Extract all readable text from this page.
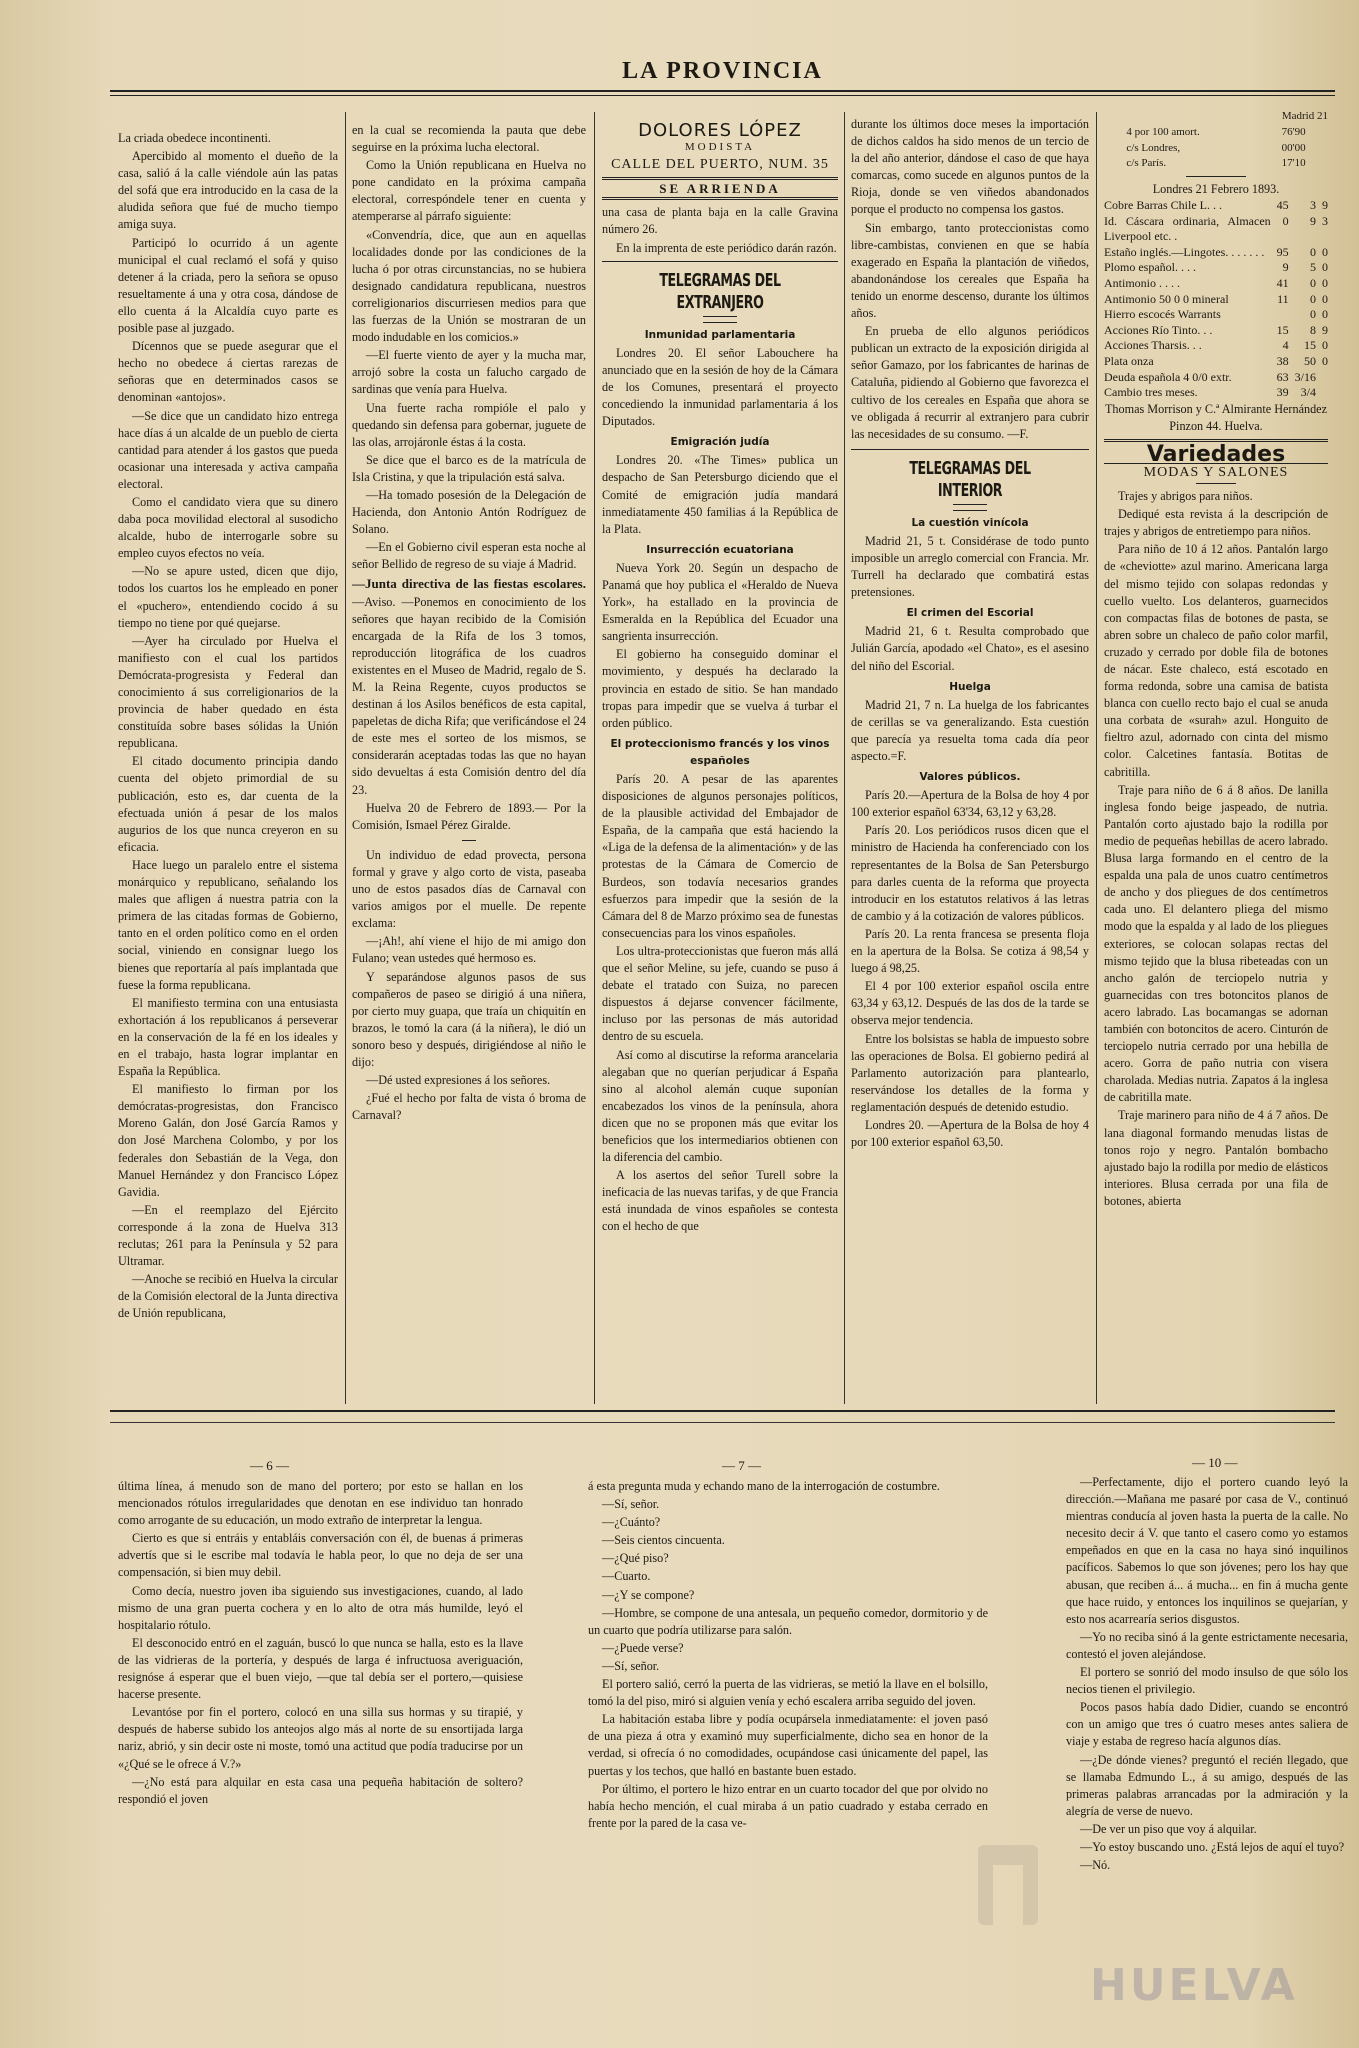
LA PROVINCIA

La criada obedece incontinenti.

Apercibido al momento el dueño de la casa, salió á la calle viéndole aún las patas del sofá que era introducido en la casa de la aludida señora que fué de mucho tiempo amiga suya.

Participó lo ocurrido á un agente municipal el cual reclamó el sofá y quiso detener á la criada, pero la señora se opuso resueltamente á una y otra cosa, dándose de ello cuenta á la Alcaldía cuyo parte es posible pase al juzgado.

Dícennos que se puede asegurar que el hecho no obedece á ciertas rarezas de señoras que en determinados casos se denominan «antojos».

—Se dice que un candidato hizo entrega hace días á un alcalde de un pueblo de cierta cantidad para atender á los gastos que pueda ocasionar una interesada y activa campaña electoral.

Como el candidato viera que su dinero daba poca movilidad electoral al susodicho alcalde, hubo de interrogarle sobre su empleo cuyos efectos no veía.

—No se apure usted, dicen que dijo, todos los cuartos los he empleado en poner el «puchero», entendiendo cocido á su tiempo no tiene por qué quejarse.

—Ayer ha circulado por Huelva el manifiesto con el cual los partidos Demócrata-progresista y Federal dan conocimiento á sus correligionarios de la provincia de haber quedado en ésta constituída sobre bases sólidas la Unión republicana.

El citado documento principia dando cuenta del objeto primordial de su publicación, esto es, dar cuenta de la efectuada unión á pesar de los malos augurios de los que nunca creyeron en su eficacia.

Hace luego un paralelo entre el sistema monárquico y republicano, señalando los males que afligen á nuestra patria con la primera de las citadas formas de Gobierno, tanto en el orden político como en el orden social, viniendo en consignar luego los bienes que reportaría al país implantada que fuese la forma republicana.

El manifiesto termina con una entusiasta exhortación á los republicanos á perseverar en la conservación de la fé en los ideales y en el trabajo, hasta lograr implantar en España la República.

El manifiesto lo firman por los demócratas-progresistas, don Francisco Moreno Galán, don José García Ramos y don José Marchena Colombo, y por los federales don Sebastián de la Vega, don Manuel Hernández y don Francisco López Gavidia.

—En el reemplazo del Ejército corresponde á la zona de Huelva 313 reclutas; 261 para la Península y 52 para Ultramar.

—Anoche se recibió en Huelva la circular de la Comisión electoral de la Junta directiva de Unión republicana,

en la cual se recomienda la pauta que debe seguirse en la próxima lucha electoral.

Como la Unión republicana en Huelva no pone candidato en la próxima campaña electoral, correspóndele tener en cuenta y atemperarse al párrafo siguiente:

«Convendría, dice, que aun en aquellas localidades donde por las condiciones de la lucha ó por otras circunstancias, no se hubiera designado candidatura republicana, nuestros correligionarios discurriesen medios para que las fuerzas de la Unión se mostraran de un modo indudable en los comicios.»

—El fuerte viento de ayer y la mucha mar, arrojó sobre la costa un falucho cargado de sardinas que venía para Huelva.

Una fuerte racha rompióle el palo y quedando sin defensa para gobernar, juguete de las olas, arrojáronle éstas á la costa.

Se dice que el barco es de la matrícula de Isla Cristina, y que la tripulación está salva.

—Ha tomado posesión de la Delegación de Hacienda, don Antonio Antón Rodríguez de Solano.

—En el Gobierno civil esperan esta noche al señor Bellido de regreso de su viaje á Madrid.

—Junta directiva de las fiestas escolares.—Aviso. —Ponemos en conocimiento de los señores que hayan recibido de la Comisión encargada de la Rifa de los 3 tomos, reproducción litográfica de los cuadros existentes en el Museo de Madrid, regalo de S. M. la Reina Regente, cuyos productos se destinan á los Asilos benéficos de esta capital, papeletas de dicha Rifa; que verificándose el 24 de este mes el sorteo de los mismos, se considerarán aceptadas todas las que no hayan sido devueltas á esta Comisión dentro del día 23.

Huelva 20 de Febrero de 1893.— Por la Comisión, Ismael Pérez Giralde.

Un individuo de edad provecta, persona formal y grave y algo corto de vista, paseaba uno de estos pasados días de Carnaval con varios amigos por el muelle. De repente exclama:

—¡Ah!, ahí viene el hijo de mi amigo don Fulano; vean ustedes qué hermoso es.

Y separándose algunos pasos de sus compañeros de paseo se dirigió á una niñera, por cierto muy guapa, que traía un chiquitín en brazos, le tomó la cara (á la niñera), le dió un sonoro beso y después, dirigiéndose al niño le dijo:

—Dé usted expresiones á los señores.

¿Fué el hecho por falta de vista ó broma de Carnaval?

DOLORES LÓPEZ
MODISTA
CALLE DEL PUERTO, NUM. 35
SE ARRIENDA

una casa de planta baja en la calle Gravina número 26.

En la imprenta de este periódico darán razón.

TELEGRAMAS DEL EXTRANJERO
Inmunidad parlamentaria

Londres 20. El señor Labouchere ha anunciado que en la sesión de hoy de la Cámara de los Comunes, presentará el proyecto concediendo la inmunidad parlamentaria á los Diputados.

Emigración judía

Londres 20. «The Times» publica un despacho de San Petersburgo diciendo que el Comité de emigración judía mandará inmediatamente 450 familias á la República de la Plata.

Insurrección ecuatoriana

Nueva York 20. Según un despacho de Panamá que hoy publica el «Heraldo de Nueva York», ha estallado en la provincia de Esmeralda en la República del Ecuador una sangrienta insurrección.

El gobierno ha conseguido dominar el movimiento, y después ha declarado la provincia en estado de sitio. Se han mandado tropas para impedir que se vuelva á turbar el orden público.

El proteccionismo francés y los vinos españoles

París 20. A pesar de las aparentes disposiciones de algunos personajes políticos, de la plausible actividad del Embajador de España, de la campaña que está haciendo la «Liga de la defensa de la alimentación» y de las protestas de la Cámara de Comercio de Burdeos, son todavía necesarios grandes esfuerzos para impedir que la sesión de la Cámara del 8 de Marzo próximo sea de funestas consecuencias para los vinos españoles.

Los ultra-proteccionistas que fueron más allá que el señor Meline, su jefe, cuando se puso á debate el tratado con Suiza, no parecen dispuestos á dejarse convencer fácilmente, incluso por las personas de más autoridad dentro de su escuela.

Así como al discutirse la reforma arancelaria alegaban que no querían perjudicar á España sino al alcohol alemán cuque suponían encabezados los vinos de la península, ahora dicen que no se proponen más que evitar los beneficios que los intermediarios obtienen con la diferencia del cambio.

A los asertos del señor Turell sobre la ineficacia de las nuevas tarifas, y de que Francia está inundada de vinos españoles se contesta con el hecho de que

durante los últimos doce meses la importación de dichos caldos ha sido menos de un tercio de la del año anterior, dándose el caso de que haya comarcas, como sucede en algunos puntos de la Rioja, donde se ven viñedos abandonados porque el producto no compensa los gastos.

Sin embargo, tanto proteccionistas como libre-cambistas, convienen en que se había exagerado en España la plantación de viñedos, abandonándose los cereales que España ha tenido un enorme descenso, durante los últimos años.

En prueba de ello algunos periódicos publican un extracto de la exposición dirigida al señor Gamazo, por los fabricantes de harinas de Cataluña, pidiendo al Gobierno que favorezca el cultivo de los cereales en España que ahora se ve obligada á recurrir al extranjero para cubrir las necesidades de su consumo. —F.

TELEGRAMAS DEL INTERIOR
La cuestión vinícola

Madrid 21, 5 t. Considérase de todo punto imposible un arreglo comercial con Francia. Mr. Turrell ha declarado que combatirá estas pretensiones.

El crimen del Escorial

Madrid 21, 6 t. Resulta comprobado que Julián García, apodado «el Chato», es el asesino del niño del Escorial.

Huelga

Madrid 21, 7 n. La huelga de los fabricantes de cerillas se va generalizando. Esta cuestión que parecía ya resuelta toma cada día peor aspecto.=F.

Valores públicos.

París 20.—Apertura de la Bolsa de hoy 4 por 100 exterior español 63'34, 63,12 y 63,28.

París 20. Los periódicos rusos dicen que el ministro de Hacienda ha conferenciado con los representantes de la Bolsa de San Petersburgo para darles cuenta de la reforma que proyecta introducir en los estatutos relativos á las letras de cambio y á la cotización de valores públicos.

París 20. La renta francesa se presenta floja en la apertura de la Bolsa. Se cotiza á 98,54 y luego á 98,25.

El 4 por 100 exterior español oscila entre 63,34 y 63,12. Después de las dos de la tarde se observa mejor tendencia.

Entre los bolsistas se habla de impuesto sobre las operaciones de Bolsa. El gobierno pedirá al Parlamento autorización para plantearlo, reservándose los detalles de la forma y reglamentación después de detenido estudio.

Londres 20. —Apertura de la Bolsa de hoy 4 por 100 exterior español 63,50.

Madrid 21
4 por 100 amort.	76'90
c/s Londres,	00'00
c/s París.	17'10
Londres 21 Febrero 1893.
Cobre Barras Chile L. . .	45	3	9
Id. Cáscara ordinaria, Almacen Liverpool etc. .	0	9	3
Estaño inglés.—Lingotes. . . . . . .	95	0	0
Plomo español. . . .	9	5	0
Antimonio . . . .	41	0	0
Antimonio 50 0 0 mineral	11	0	0
Hierro escocés Warrants		0	0
Acciones Río Tinto. . .	15	8	9
Acciones Tharsis. . .	4	15	0
Plata onza	38	50	0
Deuda española 4 0/0 extr.	63	3/16	
Cambio tres meses.	39	3/4	

Thomas Morrison y C.ª Almirante Hernández Pinzon 44. Huelva.

Variedades
MODAS Y SALONES

Trajes y abrigos para niños.

Dediqué esta revista á la descripción de trajes y abrigos de entretiempo para niños.

Para niño de 10 á 12 años. Pantalón largo de «cheviotte» azul marino. Americana larga del mismo tejido con solapas redondas y cuello vuelto. Los delanteros, guarnecidos con compactas filas de botones de pasta, se abren sobre un chaleco de paño color marfil, cruzado y cerrado por doble fila de botones de nácar. Este chaleco, está escotado en forma redonda, sobre una camisa de batista blanca con cuello recto bajo el cual se anuda una corbata de «surah» azul. Honguito de fieltro azul, adornado con cinta del mismo color. Calcetines fantasía. Botitas de cabritilla.

Traje para niño de 6 á 8 años. De lanilla inglesa fondo beige jaspeado, de nutria. Pantalón corto ajustado bajo la rodilla por medio de pequeñas hebillas de acero labrado. Blusa larga formando en el centro de la espalda una pala de unos cuatro centímetros de ancho y dos pliegues de dos centímetros cada uno. El delantero pliega del mismo modo que la espalda y al lado de los pliegues exteriores, se colocan solapas rectas del mismo tejido que la blusa ribeteadas con un ancho galón de terciopelo nutria y guarnecidas con tres botoncitos planos de acero labrado. Las bocamangas se adornan también con botoncitos de acero. Cinturón de terciopelo nutria cerrado por una hebilla de acero. Gorra de paño nutria con visera charolada. Medias nutria. Zapatos á la inglesa de cabritilla mate.

Traje marinero para niño de 4 á 7 años. De lana diagonal formando menudas listas de tonos rojo y negro. Pantalón bombacho ajustado bajo la rodilla por medio de elásticos interiores. Blusa cerrada por una fila de botones, abierta

— 6 —	— 7 —	— 10 —

última línea, á menudo son de mano del portero; por esto se hallan en los mencionados rótulos irregularidades que denotan en ese individuo tan honrado como arrogante de su educación, un modo extraño de interpretar la lengua.

Cierto es que si entráis y entabláis conversación con él, de buenas á primeras advertís que si le escribe mal todavía le habla peor, lo que no deja de ser una compensación, si bien muy debil.

Como decía, nuestro joven iba siguiendo sus investigaciones, cuando, al lado mismo de una gran puerta cochera y en lo alto de otra más humilde, leyó el hospitalario rótulo.

El desconocido entró en el zaguán, buscó lo que nunca se halla, esto es la llave de las vidrieras de la portería, y después de larga é infructuosa averiguación, resignóse á esperar que el buen viejo, —que tal debía ser el portero,—quisiese hacerse presente.

Levantóse por fin el portero, colocó en una silla sus hormas y su tirapié, y después de haberse subido los anteojos algo más al norte de su ensortijada larga nariz, abrió, y sin decir oste ni moste, tomó una actitud que podía traducirse por un «¿Qué se le ofrece á V.?»

—¿No está para alquilar en esta casa una pequeña habitación de soltero? respondió el joven

á esta pregunta muda y echando mano de la interrogación de costumbre.

—Sí, señor.

—¿Cuánto?

—Seis cientos cincuenta.

—¿Qué piso?

—Cuarto.

—¿Y se compone?

—Hombre, se compone de una antesala, un pequeño comedor, dormitorio y de un cuarto que podría utilizarse para salón.

—¿Puede verse?

—Sí, señor.

El portero salió, cerró la puerta de las vidrieras, se metió la llave en el bolsillo, tomó la del piso, miró si alguien venía y echó escalera arriba seguido del joven.

La habitación estaba libre y podía ocupársela inmediatamente: el joven pasó de una pieza á otra y examinó muy superficialmente, dicho sea en honor de la verdad, si ofrecía ó no comodidades, ocupándose casi únicamente del papel, las puertas y los techos, que halló en bastante buen estado.

Por último, el portero le hizo entrar en un cuarto tocador del que por olvido no había hecho mención, el cual miraba á un patio cuadrado y estaba cerrado en frente por la pared de la casa ve-

—Perfectamente, dijo el portero cuando leyó la dirección.—Mañana me pasaré por casa de V., continuó mientras conducía al joven hasta la puerta de la calle. No necesito decir á V. que tanto el casero como yo estamos empeñados en que en la casa no haya sinó inquilinos pacíficos. Sabemos lo que son jóvenes; pero los hay que abusan, que reciben á... á mucha... en fin á mucha gente que hace ruido, y entonces los inquilinos se quejarían, y esto nos acarrearía serios disgustos.

—Yo no reciba sinó á la gente estrictamente necesaria, contestó el joven alejándose.

El portero se sonrió del modo insulso de que sólo los necios tienen el privilegio.

Pocos pasos había dado Didier, cuando se encontró con un amigo que tres ó cuatro meses antes saliera de viaje y estaba de regreso hacía algunos días.

—¿De dónde vienes? preguntó el recién llegado, que se llamaba Edmundo L., á su amigo, después de las primeras palabras arrancadas por la admiración y la alegría de verse de nuevo.

—De ver un piso que voy á alquilar.

—Yo estoy buscando uno. ¿Está lejos de aquí el tuyo?

—Nó.

HUELVA
